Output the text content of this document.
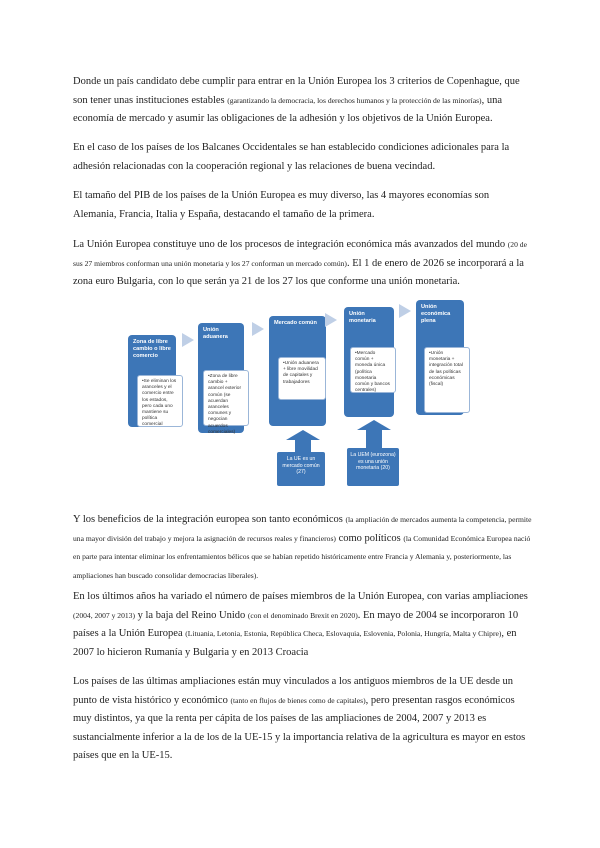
Donde un país candidato debe cumplir para entrar en la Unión Europea los 3 criterios de Copenhague, que son tener unas instituciones estables (garantizando la democracia, los derechos humanos y la protección de las minorías), una economía de mercado y asumir las obligaciones de la adhesión y los objetivos de la Unión Europea.
En el caso de los países de los Balcanes Occidentales se han establecido condiciones adicionales para la adhesión relacionadas con la cooperación regional y las relaciones de buena vecindad.
El tamaño del PIB de los países de la Unión Europea es muy diverso, las 4 mayores economías son Alemania, Francia, Italia y España, destacando el tamaño de la primera.
La Unión Europea constituye uno de los procesos de integración económica más avanzados del mundo (20 de sus 27 miembros conforman una unión monetaria y los 27 conforman un mercado común). El 1 de enero de 2026 se incorporará a la zona euro Bulgaria, con lo que serán ya 21 de los 27 los que conforme una unión monetaria.
Zona de libre cambio o libre comercio
•Se eliminan los aranceles y el comercio entre los estados, pero cada uno mantiene su política comercial
Unión aduanera
•Zona de libre cambio + arancel exterior común (se acuerdan aranceles comunes y negocian acuerdos comerciales)
Mercado común
•Unión aduanera + libre movilidad de capitales y trabajadores
Unión monetaria
•Mercado común + moneda única (política monetaria común y bancos centrales)
Unión económica plena
•Unión monetaria + integración total de las políticas económicas (fiscal)
La UE es un mercado común (27)
La UEM (eurozona) es una unión monetaria (20)
Y los beneficios de la integración europea son tanto económicos (la ampliación de mercados aumenta la competencia, permite una mayor división del trabajo y mejora la asignación de recursos reales y financieros) como políticos (la Comunidad Económica Europea nació en parte para intentar eliminar los enfrentamientos bélicos que se habían repetido históricamente entre Francia y Alemania y, posteriormente, las ampliaciones han buscado consolidar democracias liberales).
En los últimos años ha variado el número de países miembros de la Unión Europea, con varias ampliaciones (2004, 2007 y 2013) y la baja del Reino Unido (con el denominado Brexit en 2020). En mayo de 2004 se incorporaron 10 países a la Unión Europea (Lituania, Letonia, Estonia, República Checa, Eslovaquia, Eslovenia, Polonia, Hungría, Malta y Chipre), en 2007 lo hicieron Rumanía y Bulgaria y en 2013 Croacia
Los países de las últimas ampliaciones están muy vinculados a los antiguos miembros de la UE desde un punto de vista histórico y económico (tanto en flujos de bienes como de capitales), pero presentan rasgos económicos muy distintos, ya que la renta per cápita de los países de las ampliaciones de 2004, 2007 y 2013 es sustancialmente inferior a la de los de la UE-15 y la importancia relativa de la agricultura es mayor en estos países que en la UE-15.
